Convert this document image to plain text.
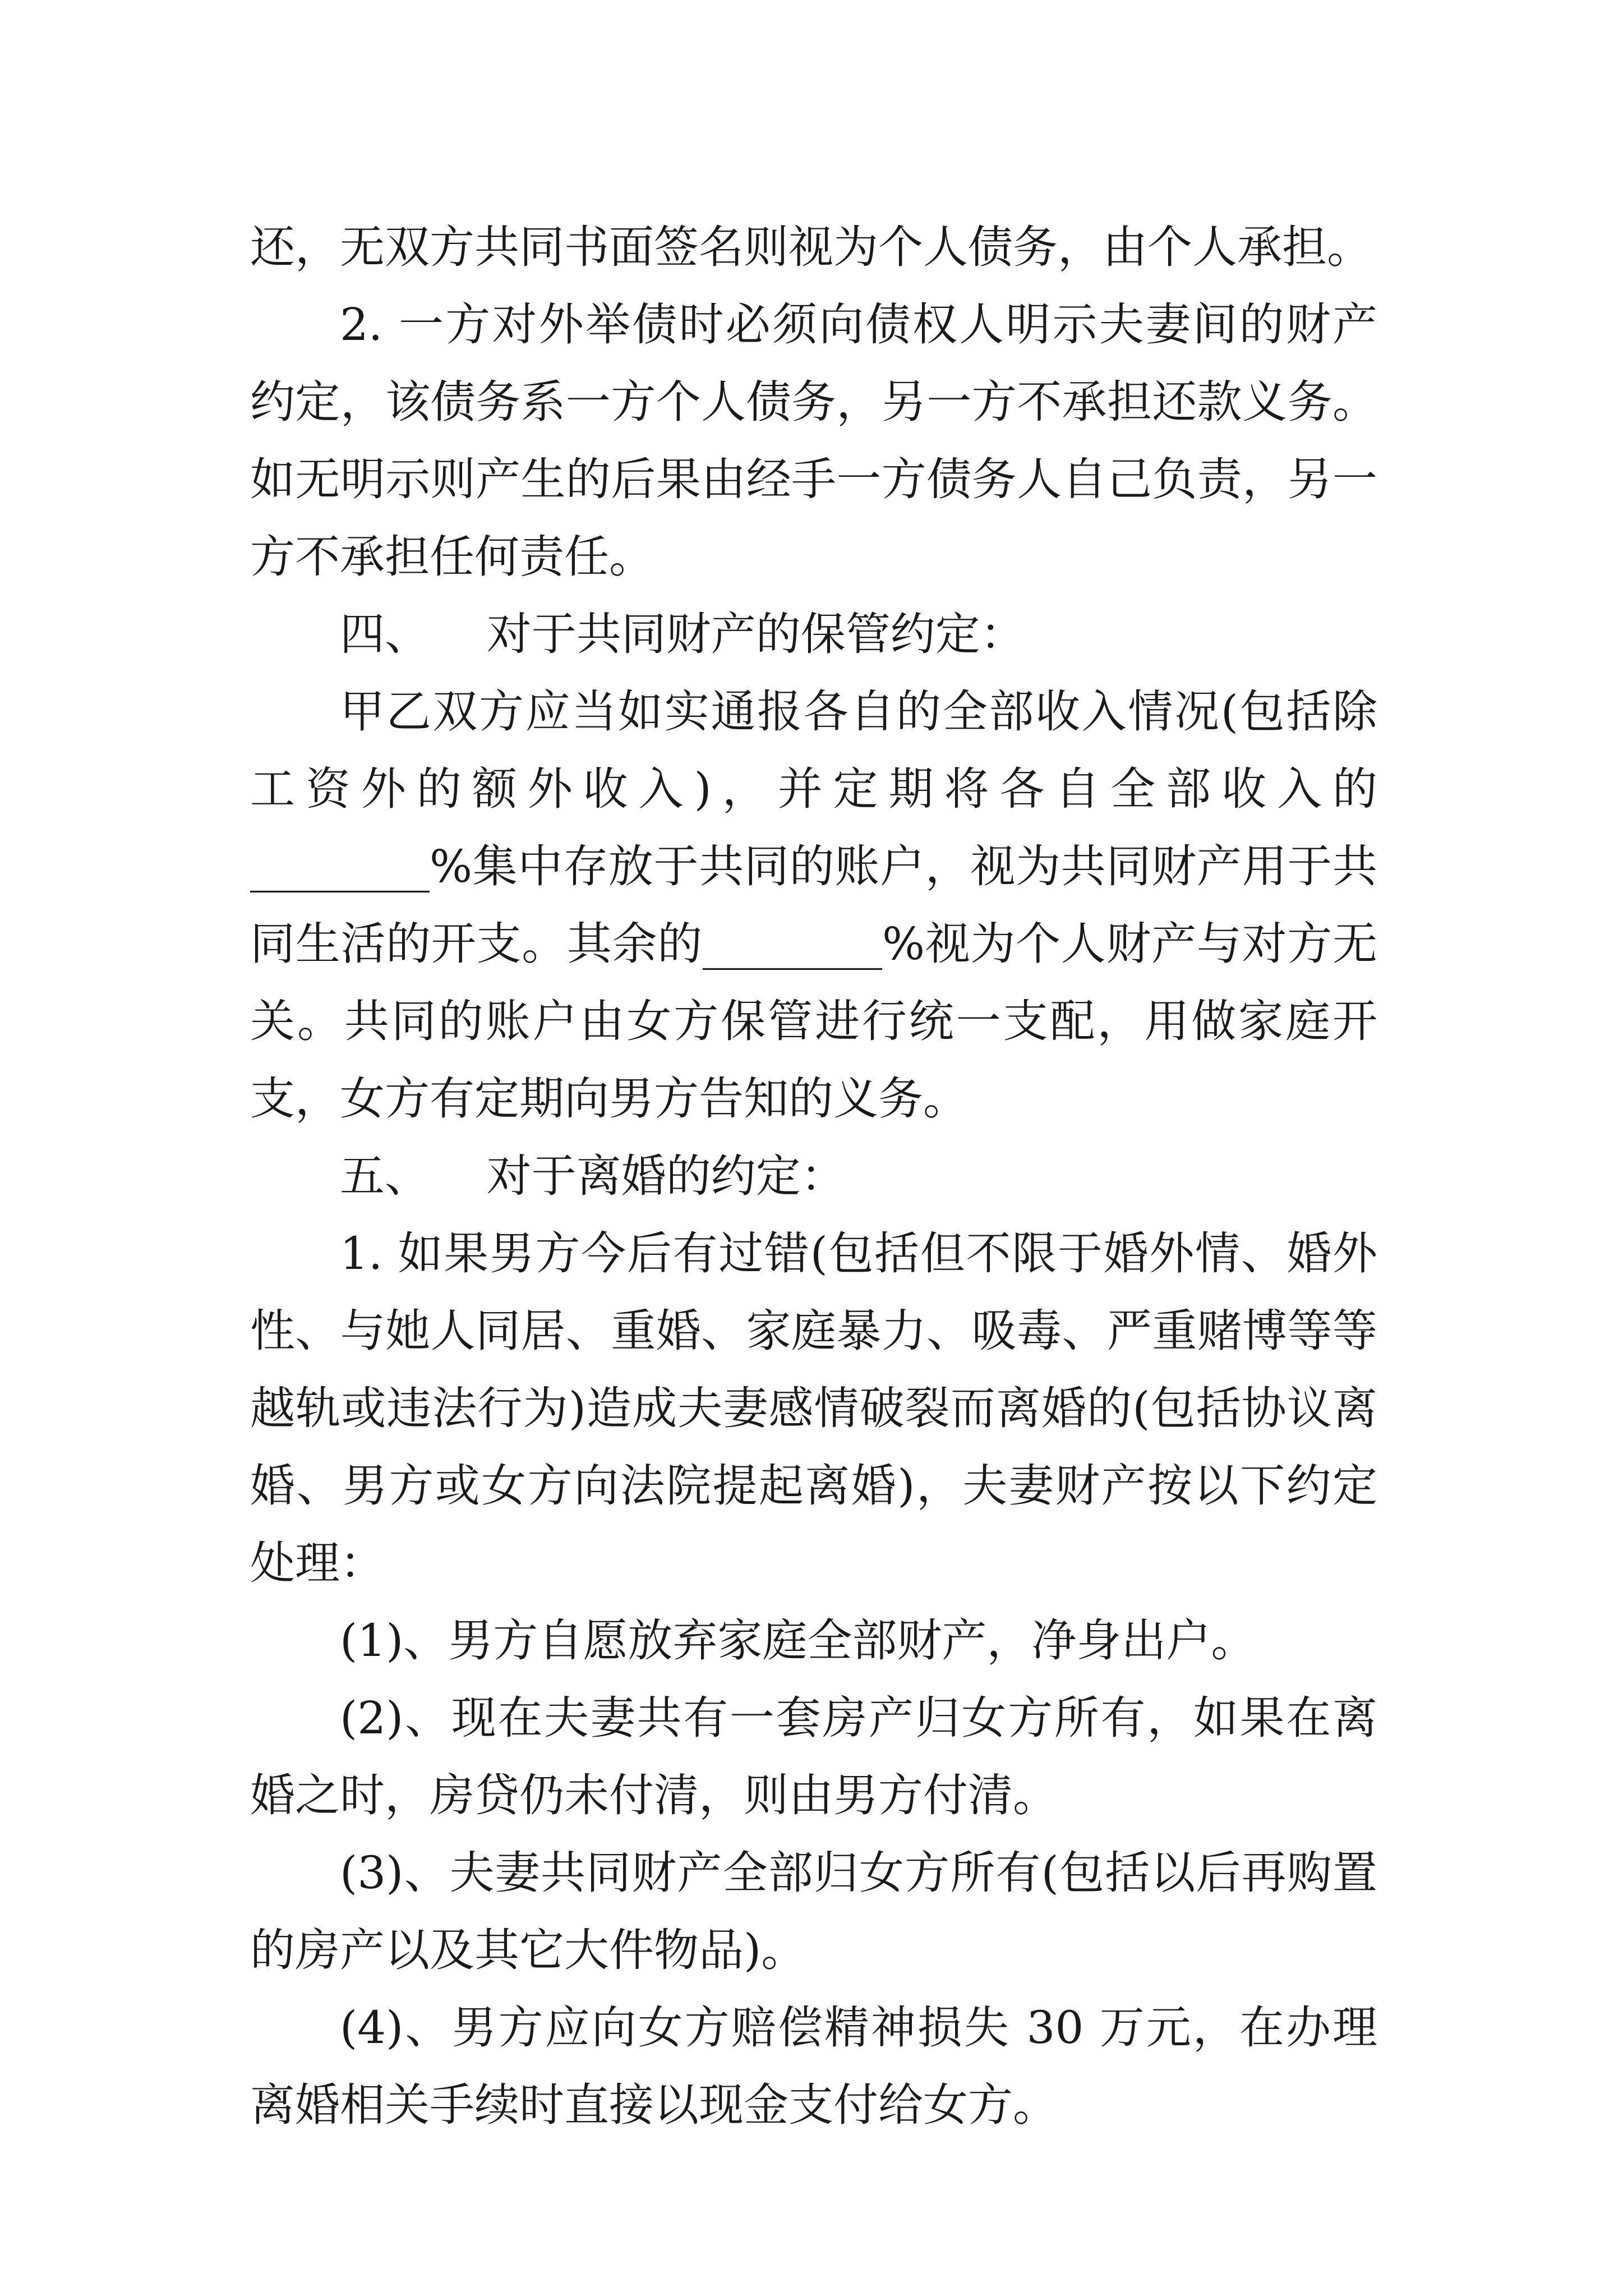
还，无双方共同书面签名则视为个人债务，由个人承担。

2. 一方对外举债时必须向债权人明示夫妻间的财产约定，该债务系一方个人债务，另一方不承担还款义务。如无明示则产生的后果由经手一方债务人自己负责，另一方不承担任何责任。

四、    对于共同财产的保管约定：

甲乙双方应当如实通报各自的全部收入情况(包括除工资外的额外收入)，并定期将各自全部收入的________%集中存放于共同的账户，视为共同财产用于共同生活的开支。其余的________%视为个人财产与对方无关。共同的账户由女方保管进行统一支配，用做家庭开支，女方有定期向男方告知的义务。

五、    对于离婚的约定：

1. 如果男方今后有过错(包括但不限于婚外情、婚外性、与她人同居、重婚、家庭暴力、吸毒、严重赌博等等越轨或违法行为)造成夫妻感情破裂而离婚的(包括协议离婚、男方或女方向法院提起离婚)，夫妻财产按以下约定处理：

(1)、男方自愿放弃家庭全部财产，净身出户。

(2)、现在夫妻共有一套房产归女方所有，如果在离婚之时，房贷仍未付清，则由男方付清。

(3)、夫妻共同财产全部归女方所有(包括以后再购置的房产以及其它大件物品)。

(4)、男方应向女方赔偿精神损失 30 万元，在办理离婚相关手续时直接以现金支付给女方。
